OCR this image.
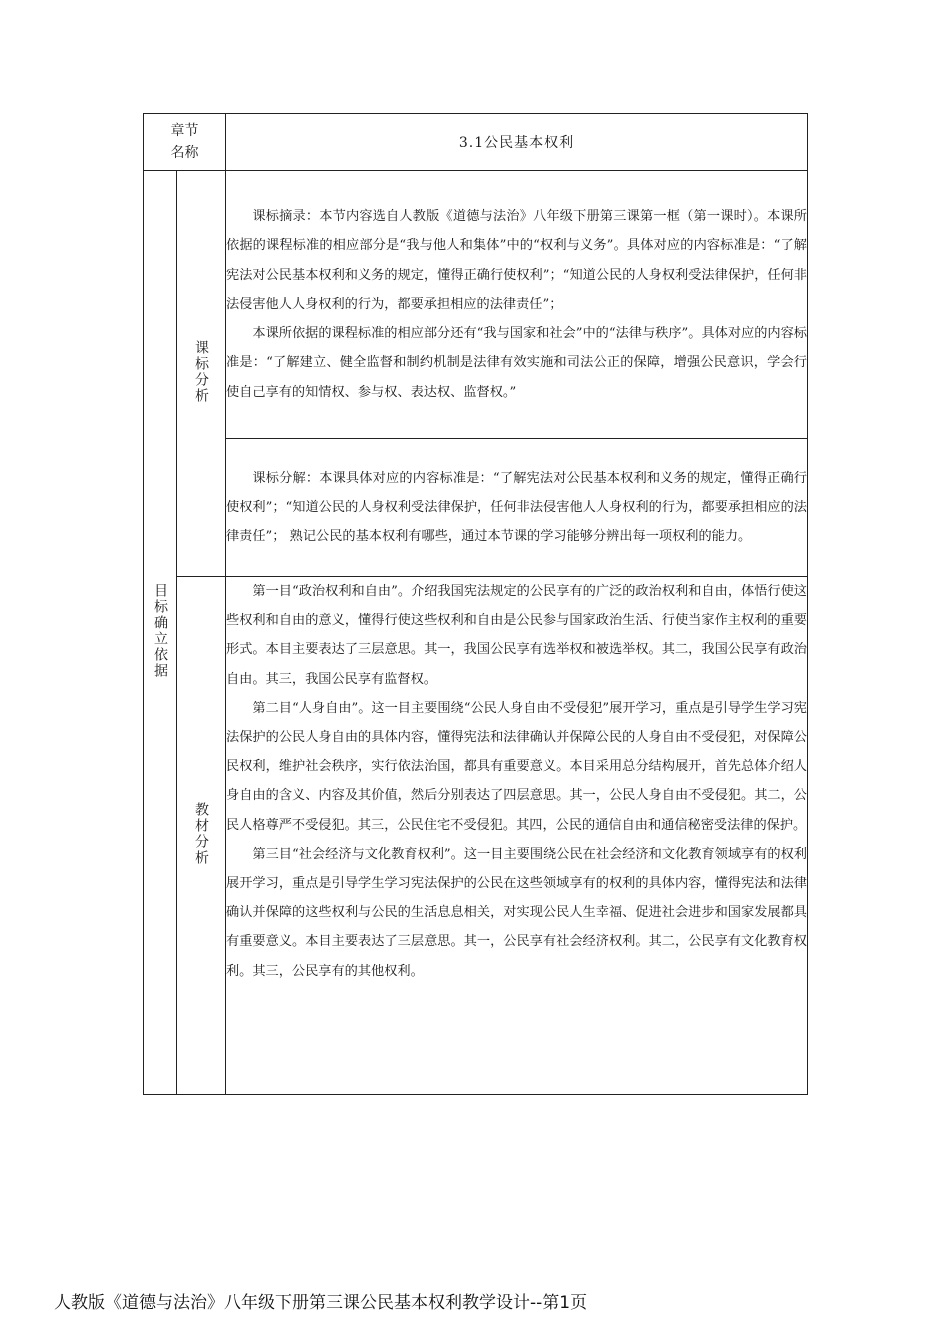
章节名称		3.1公民基本权利
目标确立依据	课标分析	课标摘录：本节内容选自人教版《道德与法治》八年级下册第三课第一框（第一课时）。本课所依据的课程标准的相应部分是“我与他人和集体”中的“权利与义务”。具体对应的内容标准是：“了解宪法对公民基本权利和义务的规定，懂得正确行使权利”；“知道公民的人身权利受法律保护，任何非法侵害他人人身权利的行为，都要承担相应的法律责任”；

本课所依据的课程标准的相应部分还有“我与国家和社会”中的“法律与秩序”。具体对应的内容标准是：“了解建立、健全监督和制约机制是法律有效实施和司法公正的保障，增强公民意识，学会行使自己享有的知情权、参与权、表达权、监督权。”

		课标分解：本课具体对应的内容标准是：“了解宪法对公民基本权利和义务的规定，懂得正确行使权利”；“知道公民的人身权利受法律保护，任何非法侵害他人人身权利的行为，都要承担相应的法律责任”； 熟记公民的基本权利有哪些，通过本节课的学习能够分辨出每一项权利的能力。

	教材分析	第一目“政治权利和自由”。介绍我国宪法规定的公民享有的广泛的政治权利和自由，体悟行使这些权利和自由的意义，懂得行使这些权利和自由是公民参与国家政治生活、行使当家作主权利的重要形式。本目主要表达了三层意思。其一，我国公民享有选举权和被选举权。其二，我国公民享有政治自由。其三，我国公民享有监督权。

第二目“人身自由”。这一目主要围绕“公民人身自由不受侵犯”展开学习，重点是引导学生学习宪法保护的公民人身自由的具体内容，懂得宪法和法律确认并保障公民的人身自由不受侵犯，对保障公民权利，维护社会秩序，实行依法治国，都具有重要意义。本目采用总分结构展开，首先总体介绍人身自由的含义、内容及其价值，然后分别表达了四层意思。其一，公民人身自由不受侵犯。其二，公民人格尊严不受侵犯。其三，公民住宅不受侵犯。其四，公民的通信自由和通信秘密受法律的保护。

第三目“社会经济与文化教育权利”。这一目主要围绕公民在社会经济和文化教育领域享有的权利展开学习，重点是引导学生学习宪法保护的公民在这些领域享有的权利的具体内容，懂得宪法和法律确认并保障的这些权利与公民的生活息息相关，对实现公民人生幸福、促进社会进步和国家发展都具有重要意义。本目主要表达了三层意思。其一，公民享有社会经济权利。其二，公民享有文化教育权利。其三，公民享有的其他权利。

人教版《道德与法治》八年级下册第三课公民基本权利教学设计--第1页
